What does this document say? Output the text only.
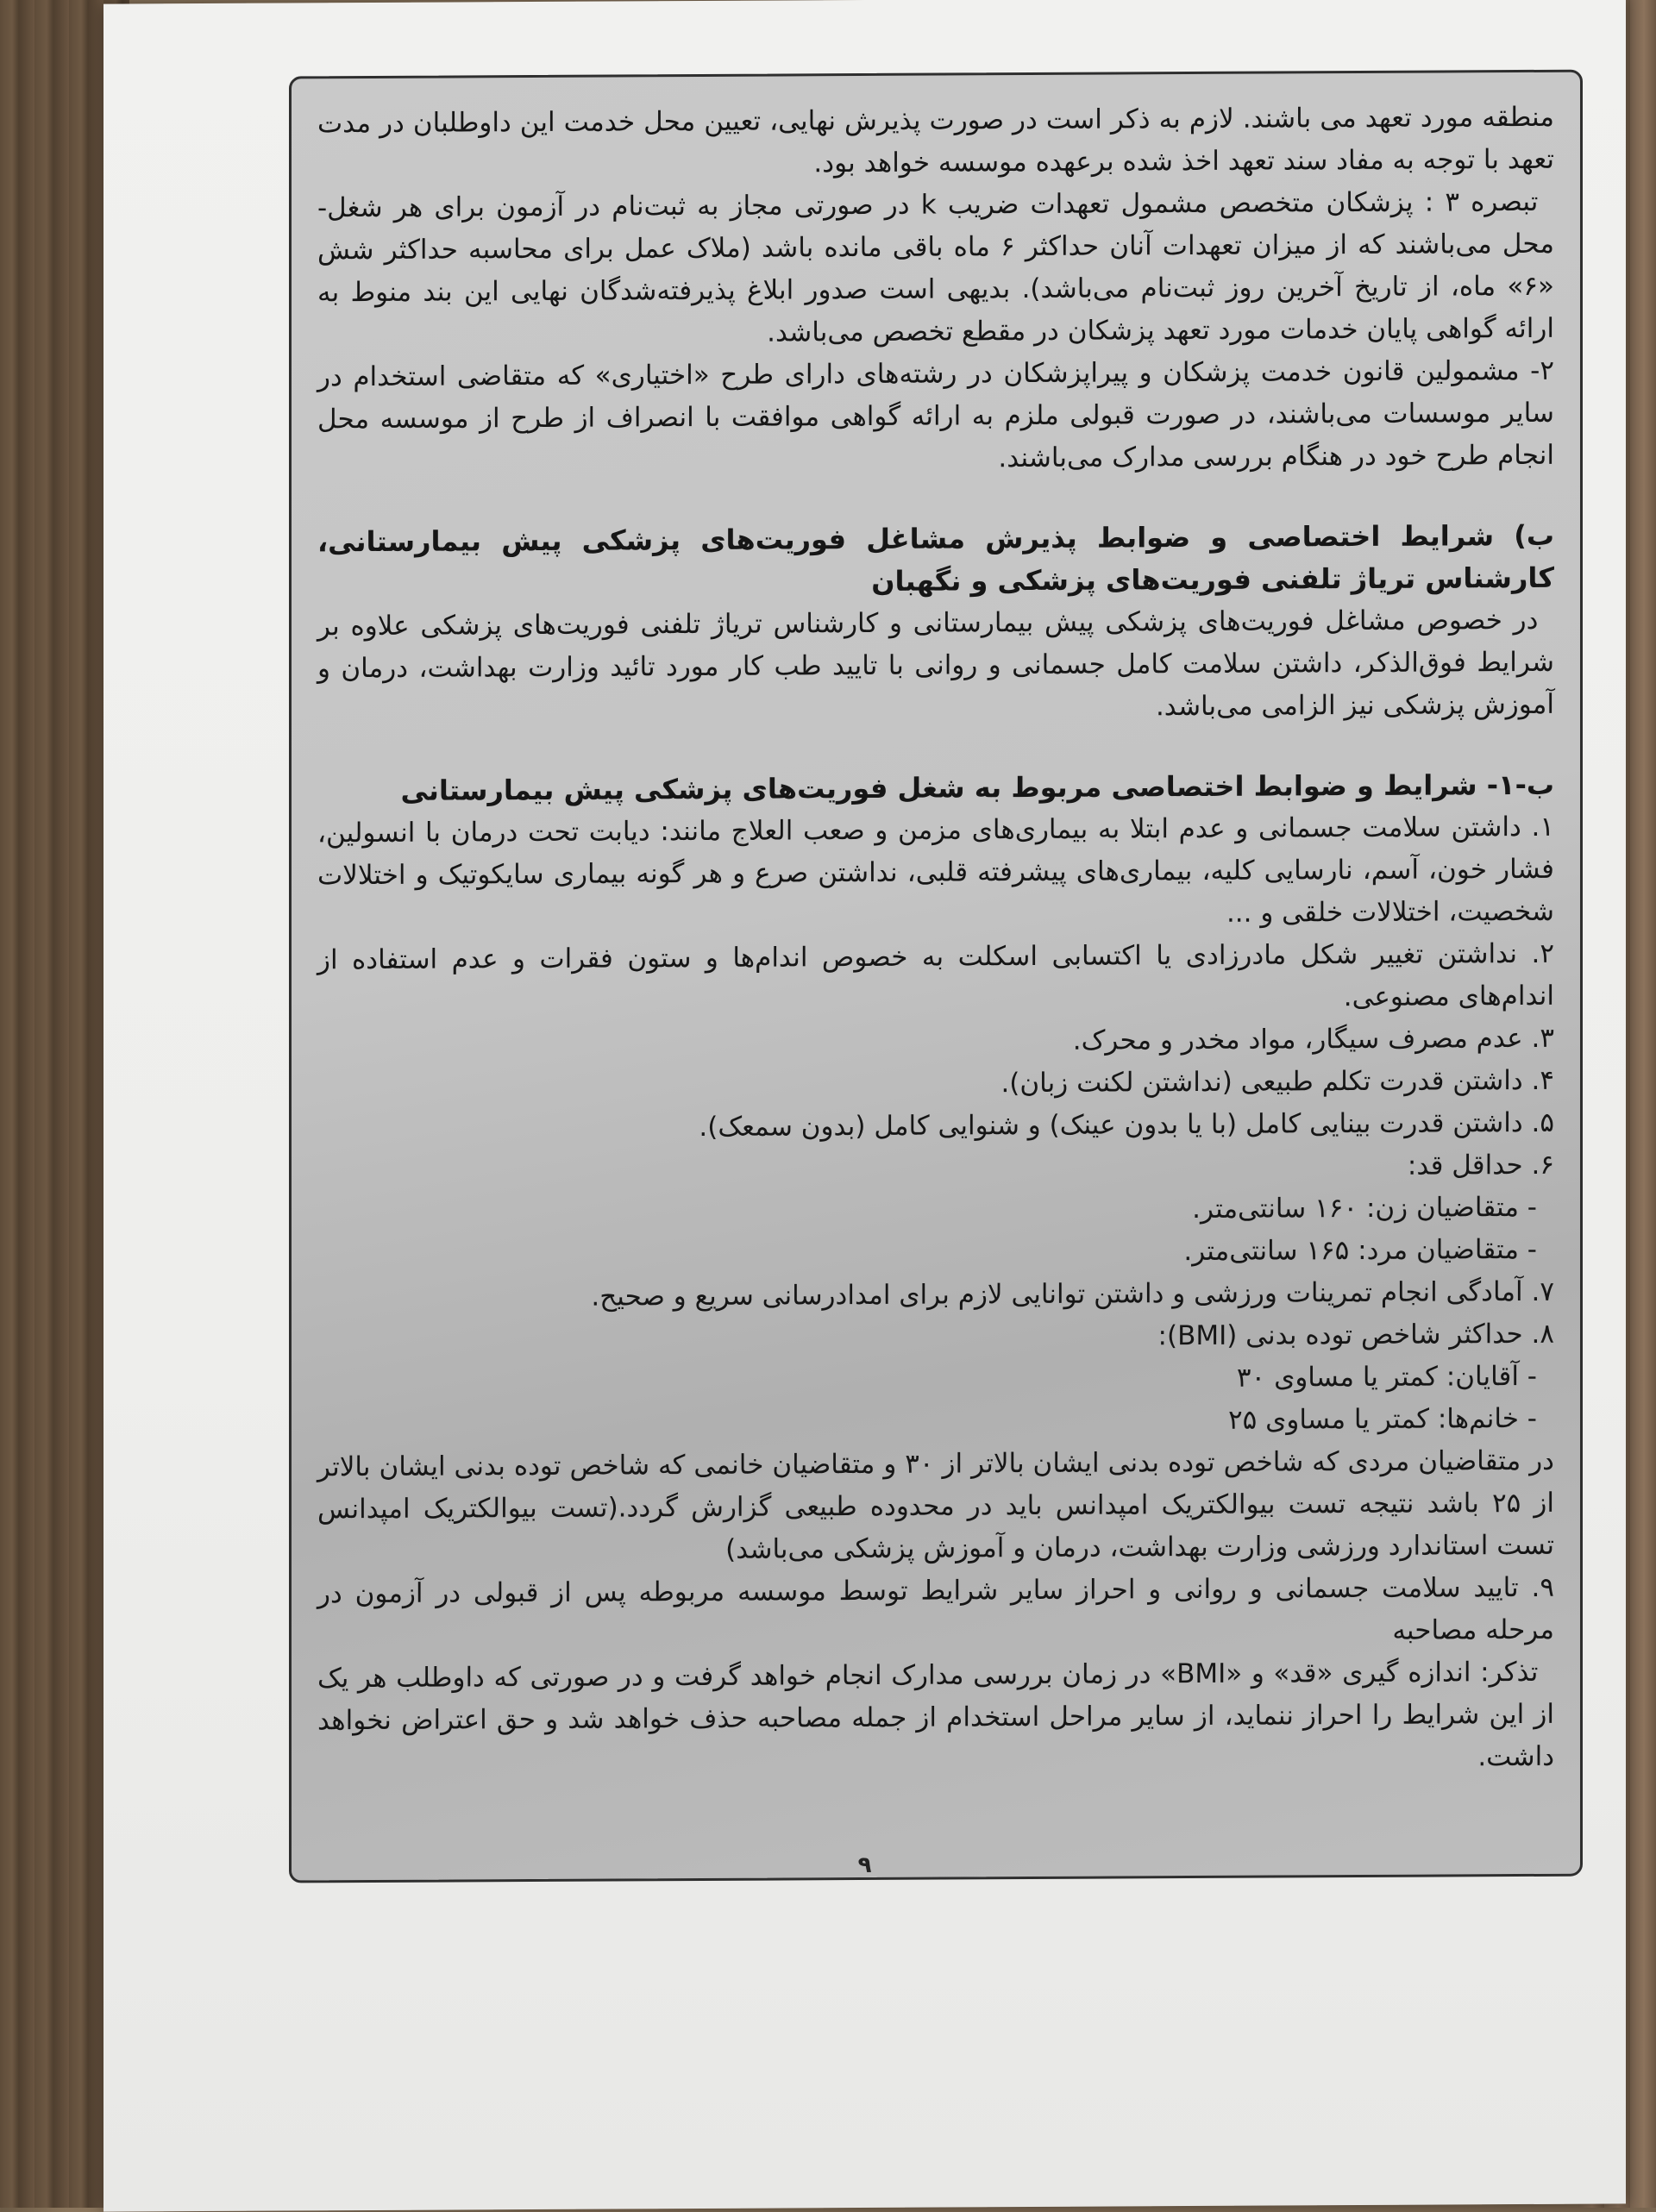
منطقه مورد تعهد می باشند. لازم به ذکر است در صورت پذیرش نهایی، تعیین محل خدمت این داوطلبان در مدت تعهد با توجه به مفاد سند تعهد اخذ شده برعهده موسسه خواهد بود.

تبصره ۳ : پزشکان متخصص مشمول تعهدات ضریب k در صورتی مجاز به ثبت‌نام در آزمون برای هر شغل-محل می‌باشند که از میزان تعهدات آنان حداکثر ۶ ماه باقی مانده باشد (ملاک عمل برای محاسبه حداکثر شش «۶» ماه، از تاریخ آخرین روز ثبت‌نام می‌باشد). بدیهی است صدور ابلاغ پذیرفته‌شدگان نهایی این بند منوط به ارائه گواهی پایان خدمات مورد تعهد پزشکان در مقطع تخصص می‌باشد.

۲- مشمولین قانون خدمت پزشکان و پیراپزشکان در رشته‌های دارای طرح «اختیاری» که متقاضی استخدام در سایر موسسات می‌باشند، در صورت قبولی ملزم به ارائه گواهی موافقت با انصراف از طرح از موسسه محل انجام طرح خود در هنگام بررسی مدارک می‌باشند.

ب) شرایط اختصاصی و ضوابط پذیرش مشاغل فوریت‌های پزشکی پیش بیمارستانی، کارشناس تریاژ تلفنی فوریت‌های پزشکی و نگهبان

در خصوص مشاغل فوریت‌های پزشکی پیش بیمارستانی و کارشناس تریاژ تلفنی فوریت‌های پزشکی علاوه بر شرایط فوق‌الذکر، داشتن سلامت کامل جسمانی و روانی با تایید طب کار مورد تائید وزارت بهداشت، درمان و آموزش پزشکی نیز الزامی می‌باشد.

ب-۱- شرایط و ضوابط اختصاصی مربوط به شغل فوریت‌های پزشکی پیش بیمارستانی

۱. داشتن سلامت جسمانی و عدم ابتلا به بیماری‌های مزمن و صعب العلاج مانند: دیابت تحت درمان با انسولین، فشار خون، آسم، نارسایی کلیه، بیماری‌های پیشرفته قلبی، نداشتن صرع و هر گونه بیماری سایکوتیک و اختلالات شخصیت، اختلالات خلقی و ...

۲. نداشتن تغییر شکل مادرزادی یا اکتسابی اسکلت به خصوص اندام‌ها و ستون فقرات و عدم استفاده از اندام‌های مصنوعی.

۳. عدم مصرف سیگار، مواد مخدر و محرک.

۴. داشتن قدرت تکلم طبیعی (نداشتن لکنت زبان).

۵. داشتن قدرت بینایی کامل (با یا بدون عینک) و شنوایی کامل (بدون سمعک).

۶. حداقل قد:

- متقاضیان زن: ۱۶۰ سانتی‌متر.

- متقاضیان مرد: ۱۶۵ سانتی‌متر.

۷. آمادگی انجام تمرینات ورزشی و داشتن توانایی لازم برای امدادرسانی سریع و صحیح.

۸. حداکثر شاخص توده بدنی (BMI):

- آقایان: کمتر یا مساوی ۳۰

- خانم‌ها: کمتر یا مساوی ۲۵

در متقاضیان مردی که شاخص توده بدنی ایشان بالاتر از ۳۰ و متقاضیان خانمی که شاخص توده بدنی ایشان بالاتر از ۲۵ باشد نتیجه تست بیوالکتریک امپدانس باید در محدوده طبیعی گزارش گردد.(تست بیوالکتریک امپدانس تست استاندارد ورزشی وزارت بهداشت، درمان و آموزش پزشکی می‌باشد)

۹. تایید سلامت جسمانی و روانی و احراز سایر شرایط توسط موسسه مربوطه پس از قبولی در آزمون در مرحله مصاحبه

تذکر: اندازه گیری «قد» و «BMI» در زمان بررسی مدارک انجام خواهد گرفت و در صورتی که داوطلب هر یک از این شرایط را احراز ننماید، از سایر مراحل استخدام از جمله مصاحبه حذف خواهد شد و حق اعتراض نخواهد داشت.

۹
